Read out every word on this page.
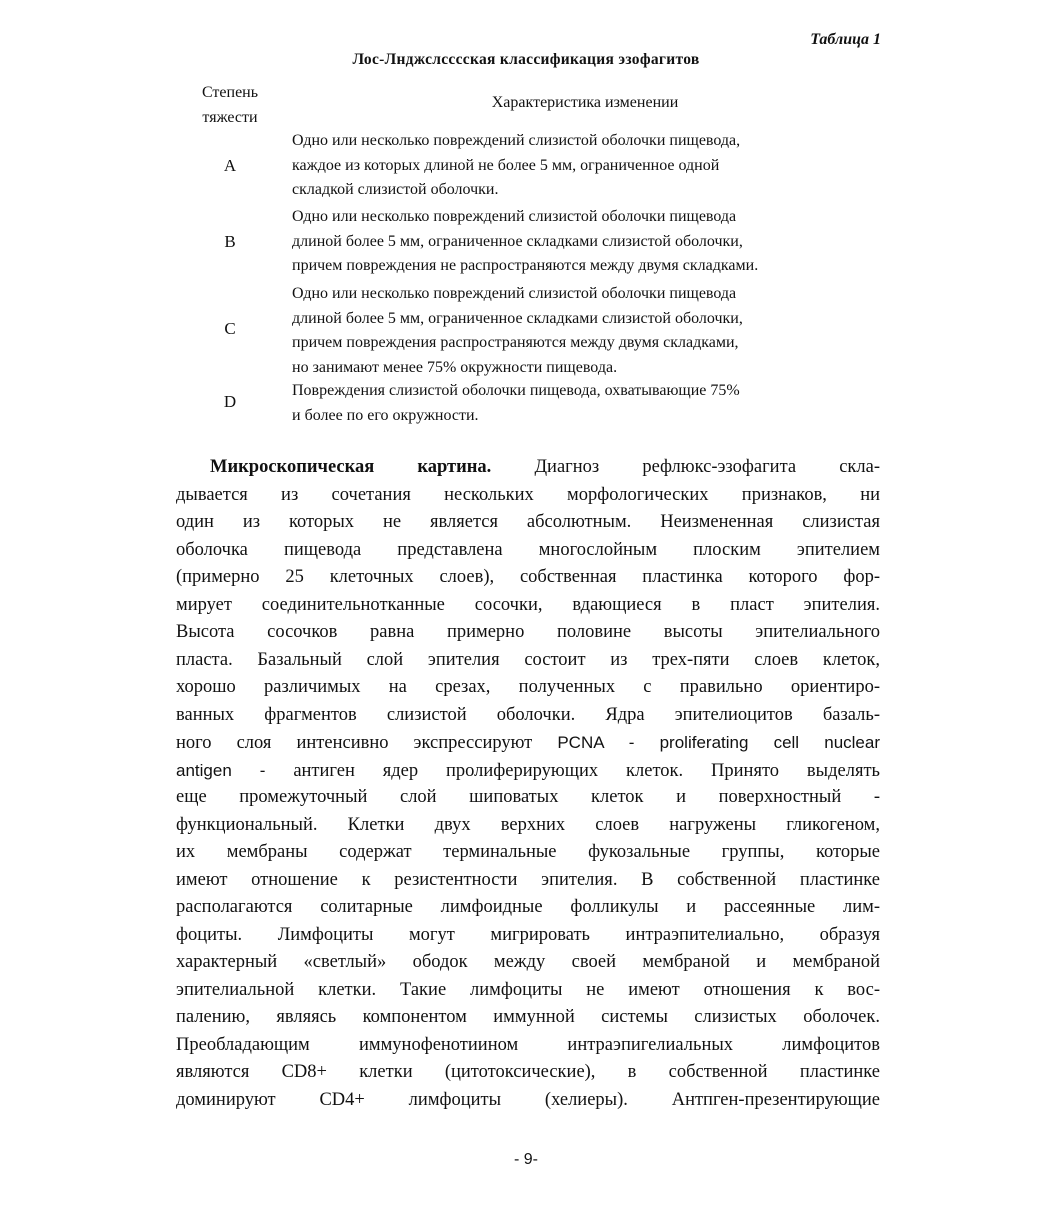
Таблица 1
Лос-Лнджслсссская классификация эзофагитов
Степень
тяжести
Характеристика изменении
A
Одно или несколько повреждений слизистой оболочки пищевода,
каждое из которых длиной не более 5 мм, ограниченное одной
складкой слизистой оболочки.
B
Одно или несколько повреждений слизистой оболочки пищевода
длиной более 5 мм, ограниченное складками слизистой оболочки,
причем повреждения не распространяются между двумя складками.
C
Одно или несколько повреждений слизистой оболочки пищевода
длиной более 5 мм, ограниченное складками слизистой оболочки,
причем повреждения распространяются между двумя складками,
но занимают менее 75% окружности пищевода.
D
Повреждения слизистой оболочки пищевода, охватывающие 75%
и более по его окружности.
Микроскопическая картина. Диагноз рефлюкс-эзофагита скла-
дывается из сочетания нескольких морфологических признаков, ни
один из которых не является абсолютным. Неизмененная слизистая
оболочка пищевода представлена многослойным плоским эпителием
(примерно 25 клеточных слоев), собственная пластинка которого фор-
мирует соединительнотканные сосочки, вдающиеся в пласт эпителия.
Высота сосочков равна примерно половине высоты эпителиального
пласта. Базальный слой эпителия состоит из трех-пяти слоев клеток,
хорошо различимых на срезах, полученных с правильно ориентиро-
ванных фрагментов слизистой оболочки. Ядра эпителиоцитов базаль-
ного слоя интенсивно экспрессируют PCNA - proliferating cell nuclear
antigen - антиген ядер пролиферирующих клеток. Принято выделять
еще промежуточный слой шиповатых клеток и поверхностный -
функциональный. Клетки двух верхних слоев нагружены гликогеном,
их мембраны содержат терминальные фукозальные группы, которые
имеют отношение к резистентности эпителия. В собственной пластинке
располагаются солитарные лимфоидные фолликулы и рассеянные лим-
фоциты. Лимфоциты могут мигрировать интраэпителиально, образуя
характерный «светлый» ободок между своей мембраной и мембраной
эпителиальной клетки. Такие лимфоциты не имеют отношения к вос-
палению, являясь компонентом иммунной системы слизистых оболочек.
Преобладающим иммунофенотиином интраэпигелиальных лимфоцитов
являются CD8+ клетки (цитотоксические), в собственной пластинке
доминируют CD4+ лимфоциты (хелиеры). Антпген-презентирующие
- 9-
